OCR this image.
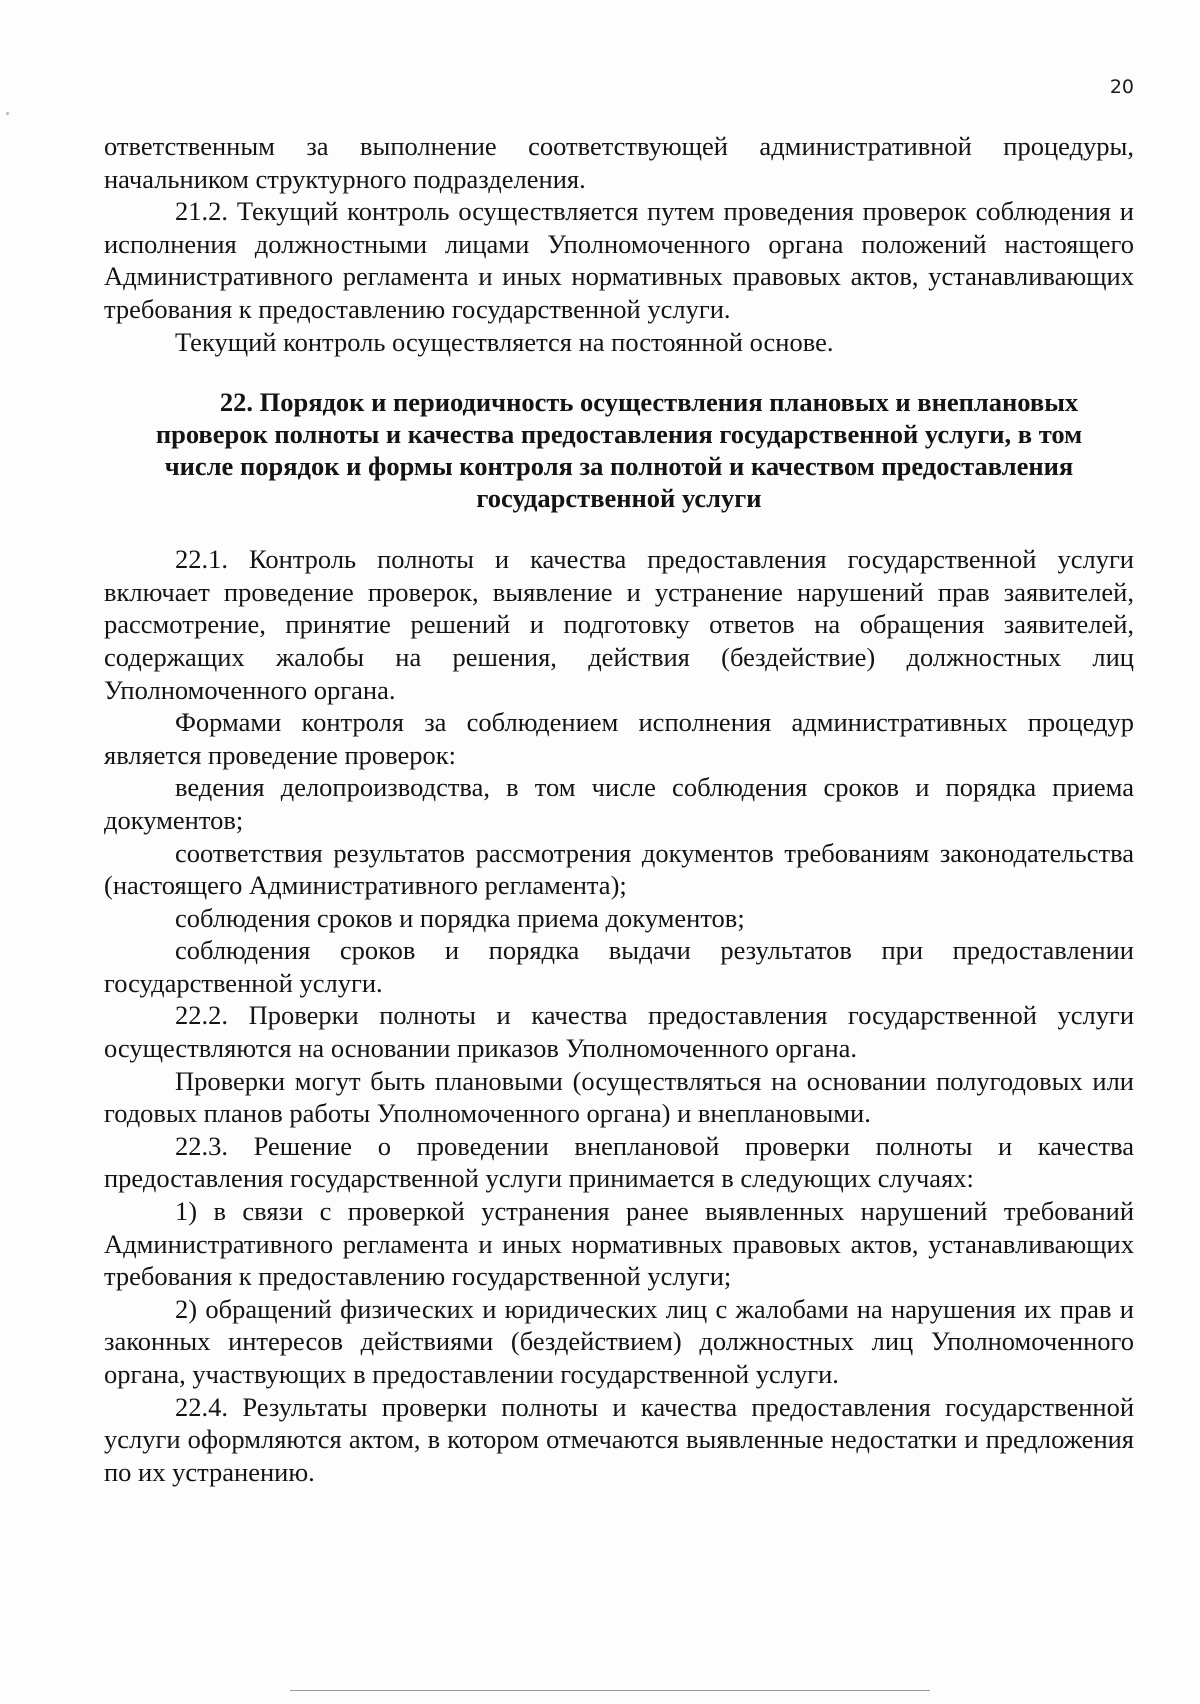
20

ответственным за выполнение соответствующей административной процедуры, начальником структурного подразделения.

21.2. Текущий контроль осуществляется путем проведения проверок соблюдения и исполнения должностными лицами Уполномоченного органа положений настоящего Административного регламента и иных нормативных правовых актов, устанавливающих требования к предоставлению государственной услуги.

Текущий контроль осуществляется на постоянной основе.

22. Порядок и периодичность осуществления плановых и внеплановых
проверок полноты и качества предоставления государственной услуги, в том
числе порядок и формы контроля за полнотой и качеством предоставления
государственной услуги

22.1. Контроль полноты и качества предоставления государственной услуги включает проведение проверок, выявление и устранение нарушений прав заявителей, рассмотрение, принятие решений и подготовку ответов на обращения заявителей, содержащих жалобы на решения, действия (бездействие) должностных лиц Уполномоченного органа.

Формами контроля за соблюдением исполнения административных процедур является проведение проверок:

ведения делопроизводства, в том числе соблюдения сроков и порядка приема документов;

соответствия результатов рассмотрения документов требованиям законодательства (настоящего Административного регламента);

соблюдения сроков и порядка приема документов;

соблюдения сроков и порядка выдачи результатов при предоставлении государственной услуги.

22.2. Проверки полноты и качества предоставления государственной услуги осуществляются на основании приказов Уполномоченного органа.

Проверки могут быть плановыми (осуществляться на основании полугодовых или годовых планов работы Уполномоченного органа) и внеплановыми.

22.3. Решение о проведении внеплановой проверки полноты и качества предоставления государственной услуги принимается в следующих случаях:

1) в связи с проверкой устранения ранее выявленных нарушений требований Административного регламента и иных нормативных правовых актов, устанавливающих требования к предоставлению государственной услуги;

2) обращений физических и юридических лиц с жалобами на нарушения их прав и законных интересов действиями (бездействием) должностных лиц Уполномоченного органа, участвующих в предоставлении государственной услуги.

22.4. Результаты проверки полноты и качества предоставления государственной услуги оформляются актом, в котором отмечаются выявленные недостатки и предложения по их устранению.
